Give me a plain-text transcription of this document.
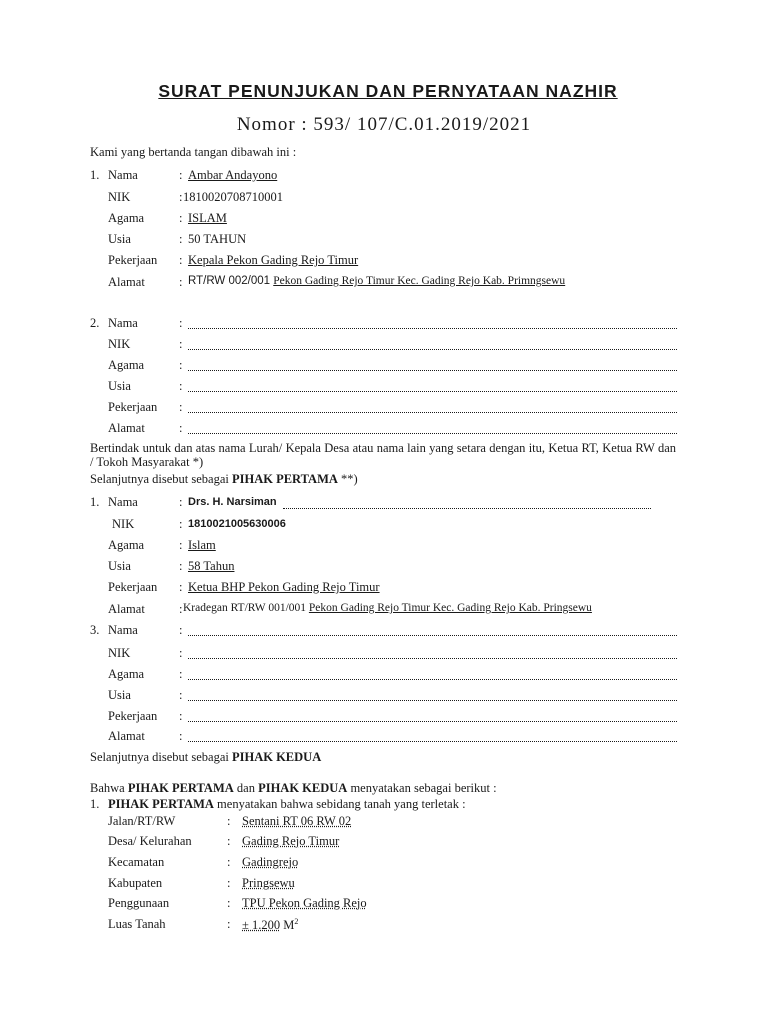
SURAT PENUNJUKAN DAN PERNYATAAN NAZHIR
Nomor : 593/ 107/C.01.2019/2021
Kami yang bertanda tangan dibawah ini :
1. Nama	: Ambar Andayono
NIK	: 1810020708710001
Agama	: ISLAM
Usia	: 50 TAHUN
Pekerjaan : Kepala Pekon Gading Rejo Timur
Alamat	: RT/RW 002/001 Pekon Gading Rejo Timur Kec. Gading Rejo Kab. Primngsewu
2. Nama	:
NIK	:
Agama	:
Usia	:
Pekerjaan :
Alamat	:
Bertindak untuk dan atas nama Lurah/ Kepala Desa atau nama lain yang setara dengan itu, Ketua RT, Ketua RW dan / Tokoh Masyarakat *)
Selanjutnya disebut sebagai PIHAK PERTAMA **)
1. Nama	: Drs. H. Narsiman
NIK	: 1810021005630006
Agama	: Islam
Usia	: 58 Tahun
Pekerjaan : Ketua BHP Pekon Gading Rejo Timur
Alamat	: Kradegan RT/RW 001/001 Pekon Gading Rejo Timur Kec. Gading Rejo Kab. Pringsewu
3. Nama	:
NIK	:
Agama	:
Usia	:
Pekerjaan :
Alamat	:
Selanjutnya disebut sebagai PIHAK KEDUA
Bahwa PIHAK PERTAMA dan PIHAK KEDUA menyatakan sebagai berikut :
1. PIHAK PERTAMA menyatakan bahwa sebidang tanah yang terletak :
Jalan/RT/RW	: Sentani RT 06 RW 02
Desa/ Kelurahan	: Gading Rejo Timur
Kecamatan	: Gadingrejo
Kabupaten	: Pringsewu
Penggunaan	: TPU Pekon Gading Rejo
Luas Tanah	: ± 1.200 $M^2$
